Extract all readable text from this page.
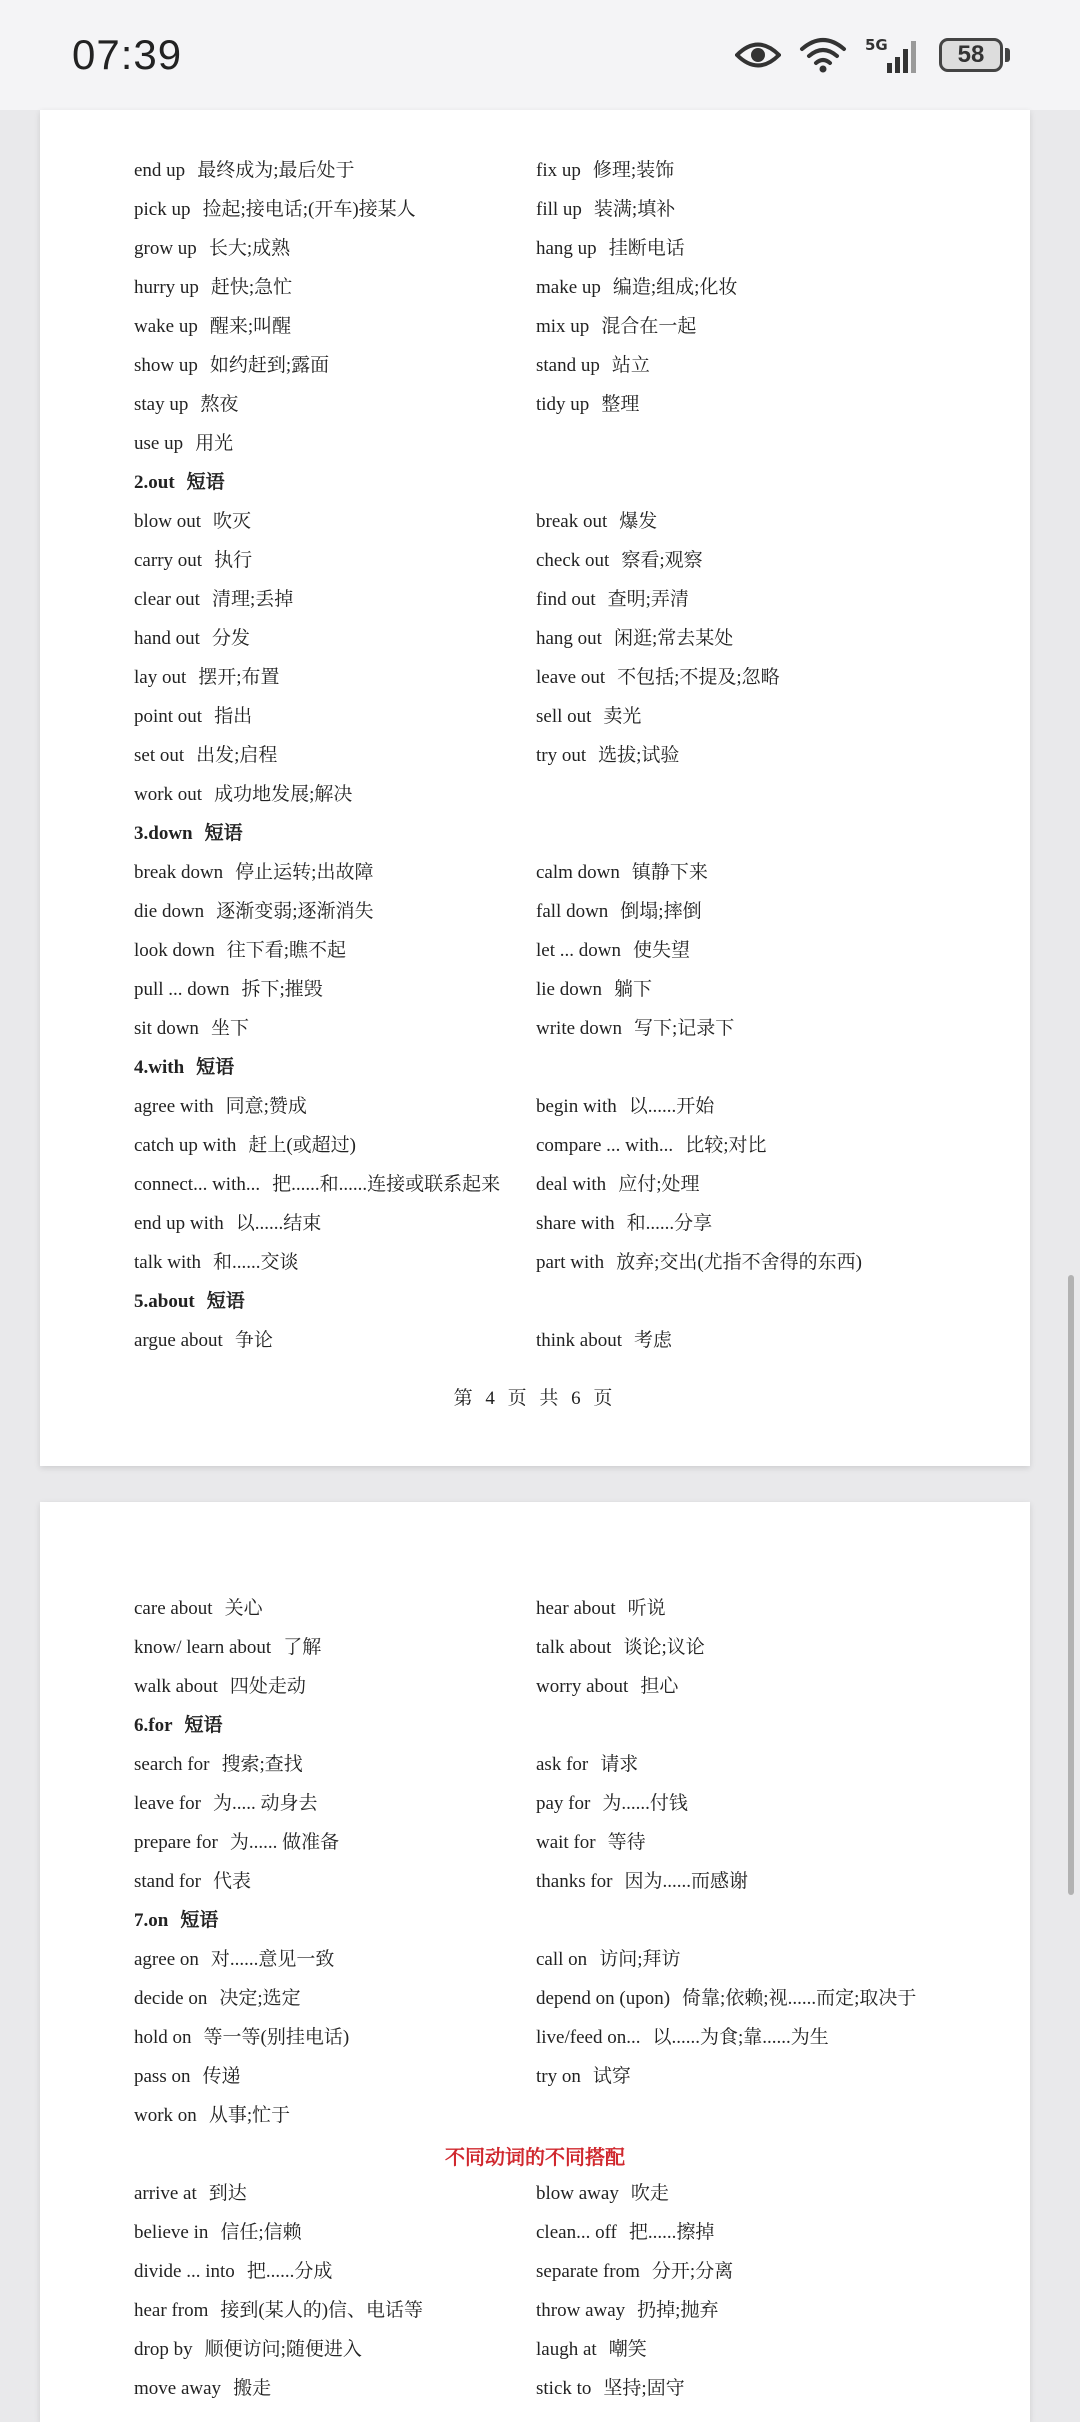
07:39	5G	58
end up 最终成为;最后处于	fix up 修理;装饰
pick up 捡起;接电话;(开车)接某人	fill up 装满;填补
grow up 长大;成熟	hang up 挂断电话
hurry up 赶快;急忙	make up 编造;组成;化妆
wake up 醒来;叫醒	mix up 混合在一起
show up 如约赶到;露面	stand up 站立
stay up 熬夜	tidy up 整理
use up 用光
2.out 短语
blow out 吹灭	break out 爆发
carry out 执行	check out 察看;观察
clear out 清理;丢掉	find out 查明;弄清
hand out 分发	hang out 闲逛;常去某处
lay out 摆开;布置	leave out 不包括;不提及;忽略
point out 指出	sell out 卖光
set out 出发;启程	try out 选拔;试验
work out 成功地发展;解决
3.down 短语
break down 停止运转;出故障	calm down 镇静下来
die down 逐渐变弱;逐渐消失	fall down 倒塌;摔倒
look down 往下看;瞧不起	let ... down 使失望
pull ... down 拆下;摧毁	lie down 躺下
sit down 坐下	write down 写下;记录下
4.with 短语
agree with 同意;赞成	begin with 以......开始
catch up with 赶上(或超过)	compare ... with... 比较;对比
connect... with... 把......和......连接或联系起来 deal with 应付;处理
end up with 以......结束	share with 和......分享
talk with 和......交谈	part with 放弃;交出(尤指不舍得的东西)
5.about 短语
argue about 争论	think about 考虑
第 4 页 共 6 页
care about 关心	hear about 听说
know/ learn about 了解	talk about 谈论;议论
walk about 四处走动	worry about 担心
6.for 短语
search for 搜索;查找	ask for 请求
leave for 为..... 动身去	pay for 为......付钱
prepare for 为...... 做准备	wait for 等待
stand for 代表	thanks for 因为......而感谢
7.on 短语
agree on 对......意见一致	call on 访问;拜访
decide on 决定;选定	depend on (upon) 倚靠;依赖;视......而定;取决于
hold on 等一等(别挂电话)	live/feed on... 以......为食;靠......为生
pass on 传递	try on 试穿
work on 从事;忙于
不同动词的不同搭配
arrive at 到达	blow away 吹走
believe in 信任;信赖	clean... off 把......擦掉
divide ... into 把......分成	separate from 分开;分离
hear from 接到(某人的)信、电话等	throw away 扔掉;抛弃
drop by 顺便访问;随便进入	laugh at 嘲笑
move away 搬走	stick to 坚持;固守
